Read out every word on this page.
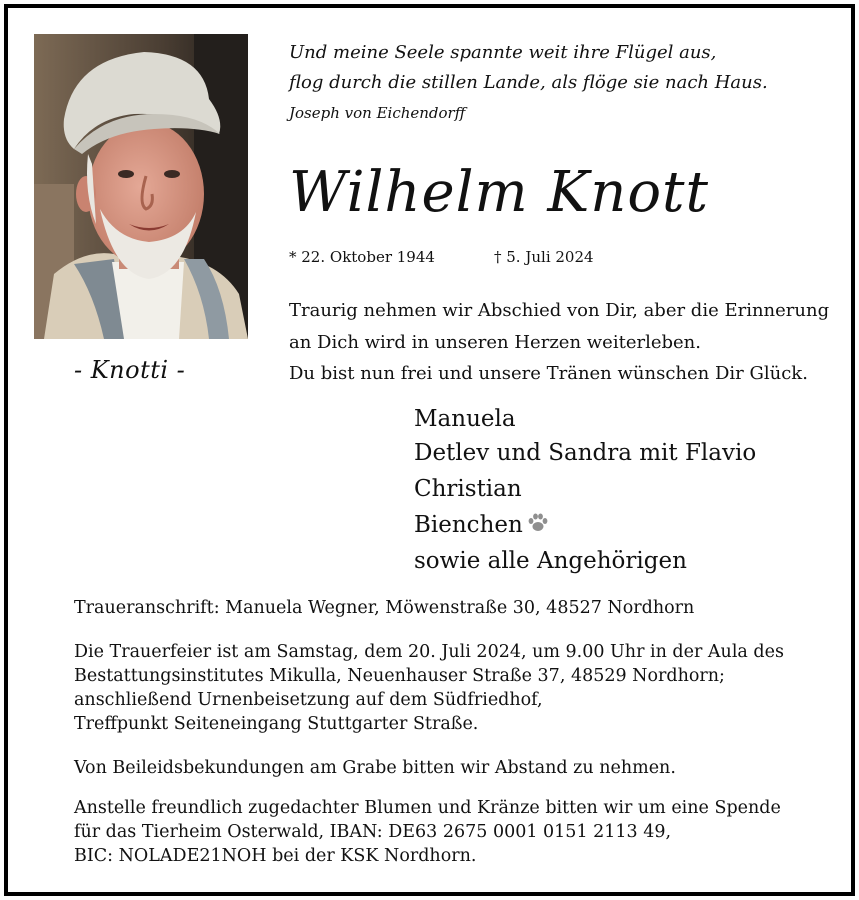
- Knotti -
Und meine Seele spannte weit ihre Flügel aus,
flog durch die stillen Lande, als flöge sie nach Haus.
Joseph von Eichendorff
Wilhelm Knott
* 22. Oktober 1944	† 5. Juli 2024
Traurig nehmen wir Abschied von Dir, aber die Erinnerung
an Dich wird in unseren Herzen weiterleben.
Du bist nun frei und unsere Tränen wünschen Dir Glück.
Manuela
Detlev und Sandra mit Flavio
Christian
Bienchen
sowie alle Angehörigen
Traueranschrift: Manuela Wegner, Möwenstraße 30, 48527 Nordhorn
Die Trauerfeier ist am Samstag, dem 20. Juli 2024, um 9.00 Uhr in der Aula des
Bestattungsinstitutes Mikulla, Neuenhauser Straße 37, 48529 Nordhorn;
anschließend Urnenbeisetzung auf dem Südfriedhof,
Treffpunkt Seiteneingang Stuttgarter Straße.
Von Beileidsbekundungen am Grabe bitten wir Abstand zu nehmen.
Anstelle freundlich zugedachter Blumen und Kränze bitten wir um eine Spende
für das Tierheim Osterwald, IBAN: DE63 2675 0001 0151 2113 49,
BIC: NOLADE21NOH bei der KSK Nordhorn.
